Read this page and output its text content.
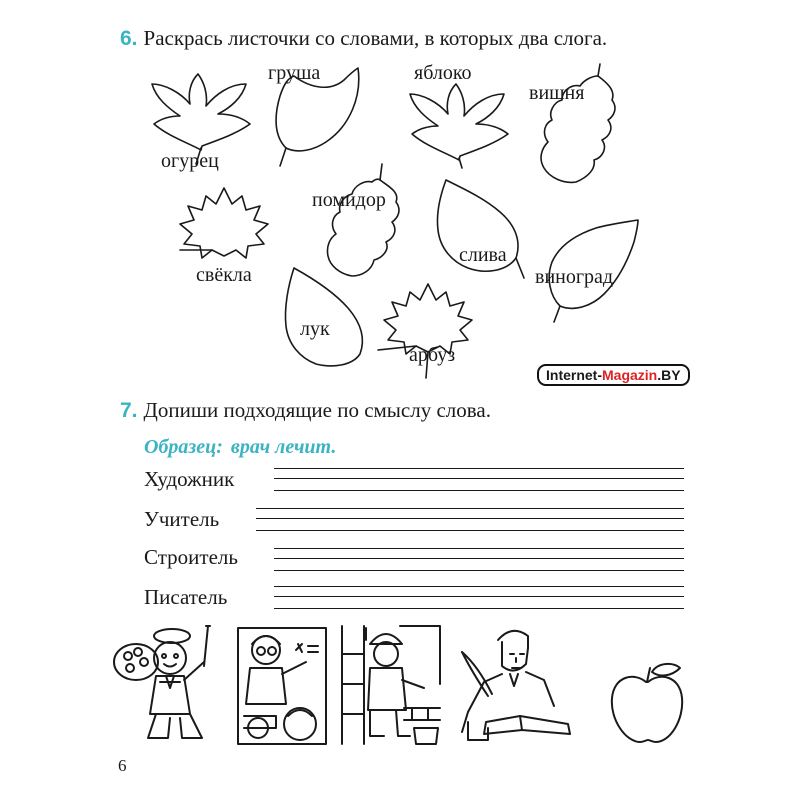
6. Раскрась листочки со словами, в которых два слога.
огурец
груша	яблоко
вишня
свёкла
помидор
слива
виноград
лук
арбуз
Internet-Magazin.BY
7. Допиши подходящие по смыслу слова.
Образец: врач лечит.
Художник
Учитель
Строитель
Писатель
6
